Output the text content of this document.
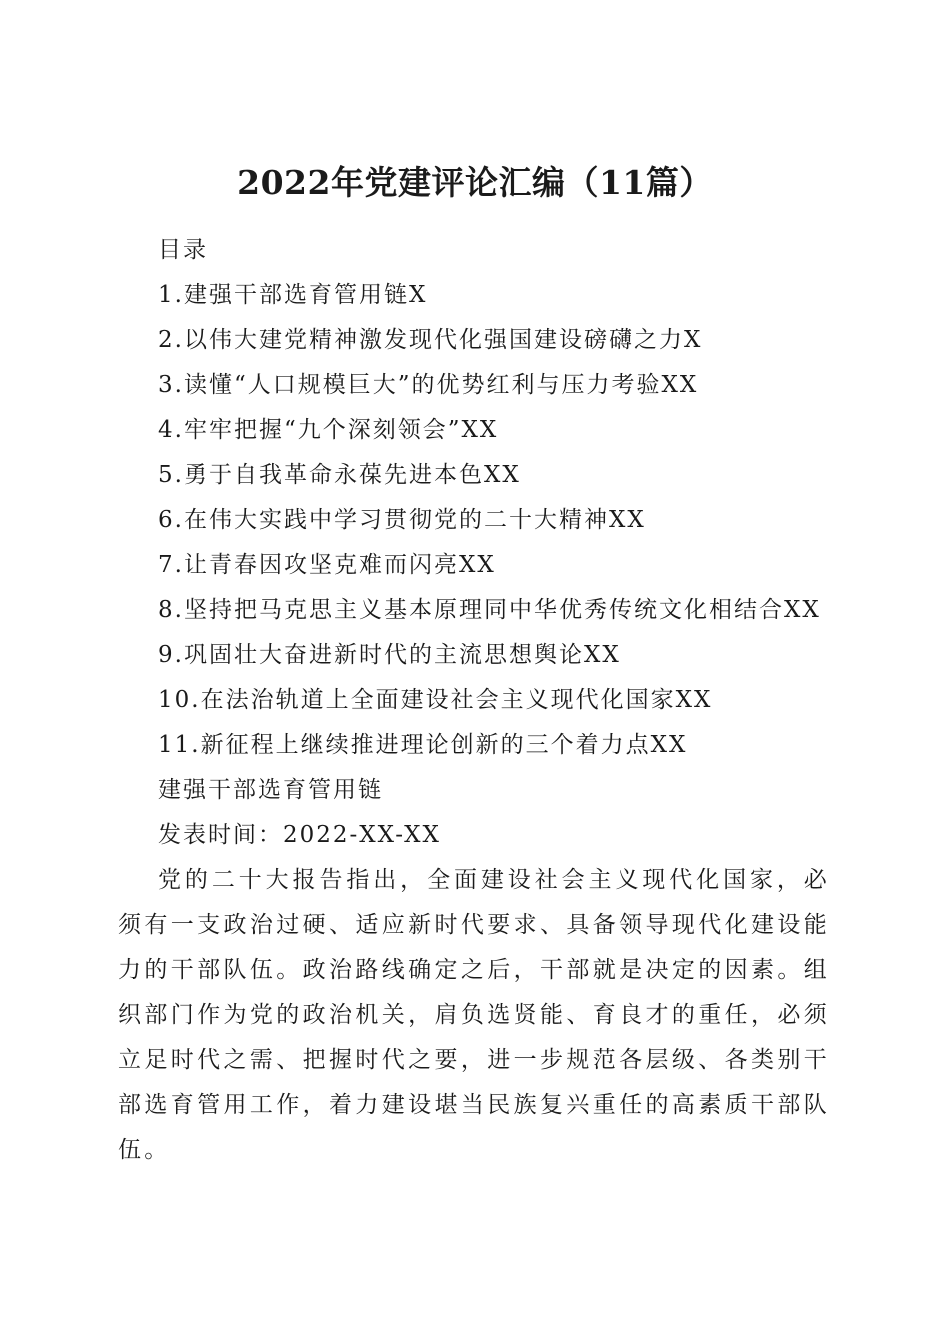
2022年党建评论汇编（11篇）

目录

1.建强干部选育管用链X

2.以伟大建党精神激发现代化强国建设磅礴之力X

3.读懂“人口规模巨大”的优势红利与压力考验XX

4.牢牢把握“九个深刻领会”XX

5.勇于自我革命永葆先进本色XX

6.在伟大实践中学习贯彻党的二十大精神XX

7.让青春因攻坚克难而闪亮XX

8.坚持把马克思主义基本原理同中华优秀传统文化相结合XX

9.巩固壮大奋进新时代的主流思想舆论XX

10.在法治轨道上全面建设社会主义现代化国家XX

11.新征程上继续推进理论创新的三个着力点XX

建强干部选育管用链

发表时间：2022-XX-XX

党的二十大报告指出，全面建设社会主义现代化国家，必须有一支政治过硬、适应新时代要求、具备领导现代化建设能力的干部队伍。政治路线确定之后，干部就是决定的因素。组织部门作为党的政治机关，肩负选贤能、育良才的重任，必须立足时代之需、把握时代之要，进一步规范各层级、各类别干部选育管用工作，着力建设堪当民族复兴重任的高素质干部队伍。
